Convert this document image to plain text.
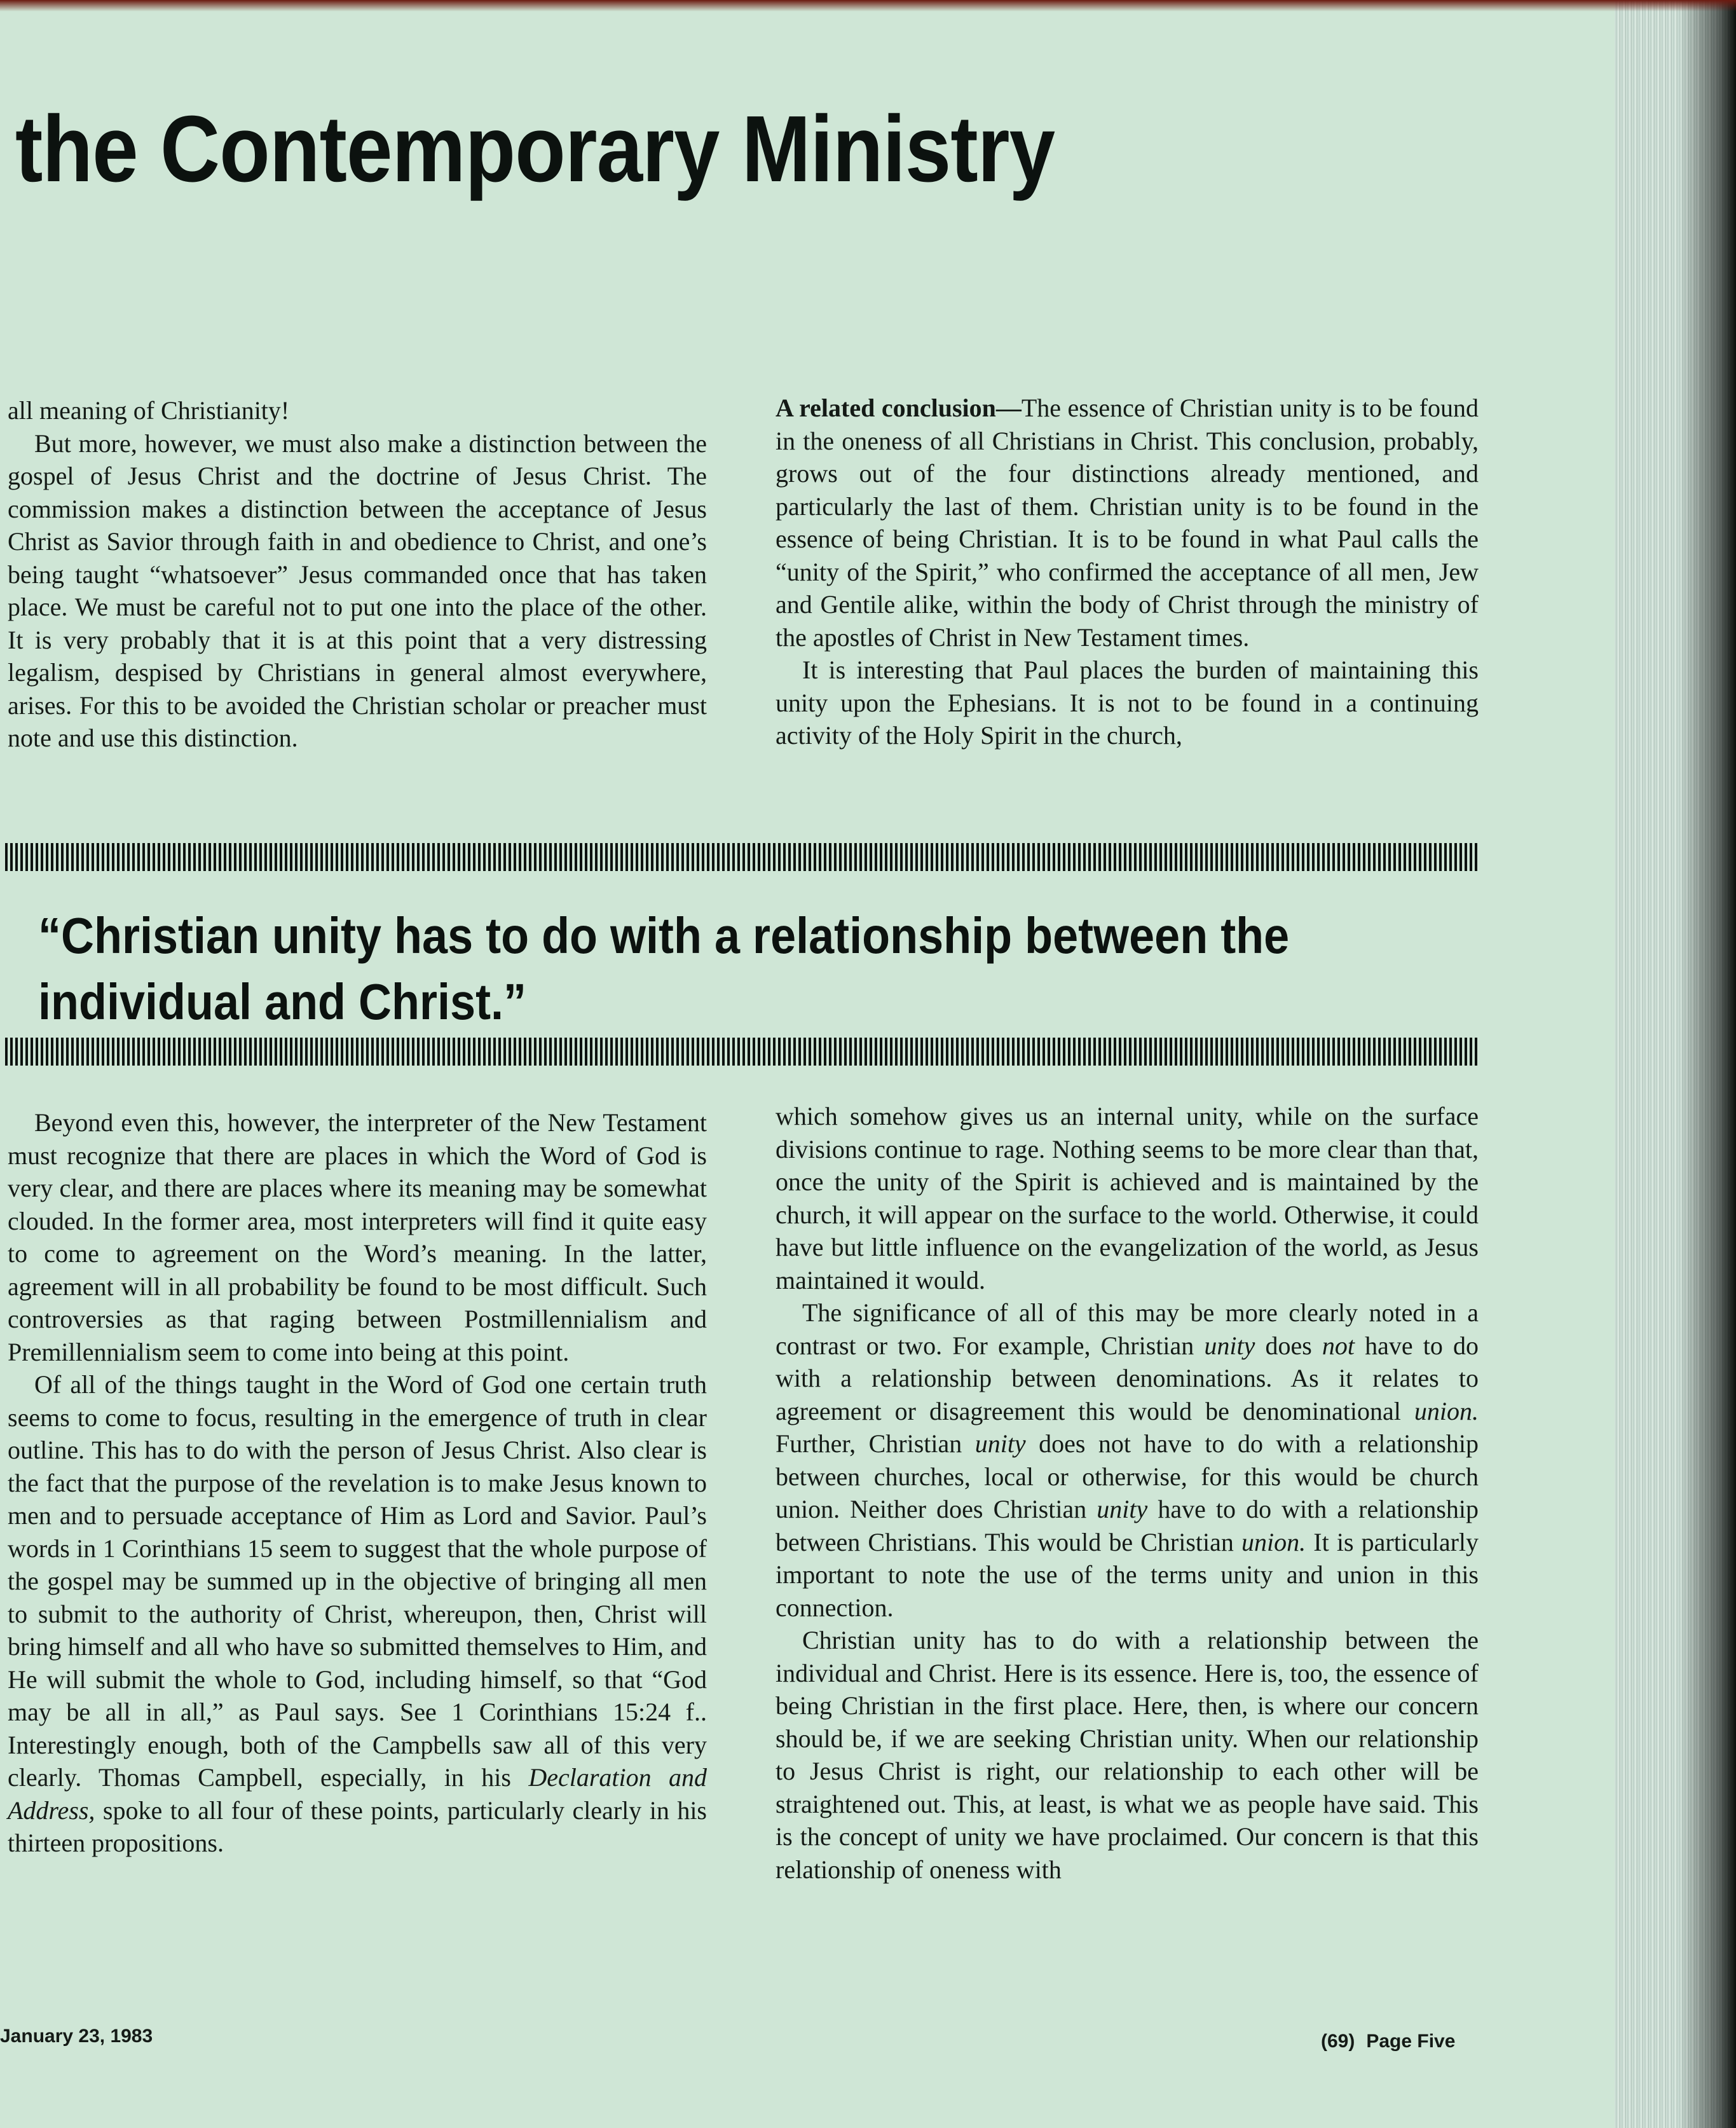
the Contemporary Ministry

all meaning of Christianity!

But more, however, we must also make a distinction between the gospel of Jesus Christ and the doctrine of Jesus Christ. The commission makes a distinction between the acceptance of Jesus Christ as Savior through faith in and obedience to Christ, and one’s being taught “whatsoever” Jesus commanded once that has taken place. We must be careful not to put one into the place of the other. It is very probably that it is at this point that a very distressing legalism, despised by Christians in general almost everywhere, arises. For this to be avoided the Christian scholar or preacher must note and use this distinction.

A related conclusion—The essence of Christian unity is to be found in the oneness of all Christians in Christ. This conclusion, probably, grows out of the four distinctions already mentioned, and particularly the last of them. Christian unity is to be found in the essence of being Christian. It is to be found in what Paul calls the “unity of the Spirit,” who confirmed the acceptance of all men, Jew and Gentile alike, within the body of Christ through the ministry of the apostles of Christ in New Testament times.

It is interesting that Paul places the burden of maintaining this unity upon the Ephesians. It is not to be found in a continuing activity of the Holy Spirit in the church,

“Christian unity has to do with a relationship between the individual and Christ.”

Beyond even this, however, the interpreter of the New Testament must recognize that there are places in which the Word of God is very clear, and there are places where its meaning may be somewhat clouded. In the former area, most interpreters will find it quite easy to come to agreement on the Word’s meaning. In the latter, agreement will in all probability be found to be most difficult. Such controversies as that raging between Postmillennialism and Premillennialism seem to come into being at this point.

Of all of the things taught in the Word of God one certain truth seems to come to focus, resulting in the emergence of truth in clear outline. This has to do with the person of Jesus Christ. Also clear is the fact that the purpose of the revelation is to make Jesus known to men and to persuade acceptance of Him as Lord and Savior. Paul’s words in 1 Corinthians 15 seem to suggest that the whole purpose of the gospel may be summed up in the objective of bringing all men to submit to the authority of Christ, whereupon, then, Christ will bring himself and all who have so submitted themselves to Him, and He will submit the whole to God, including himself, so that “God may be all in all,” as Paul says. See 1 Corinthians 15:24 f.. Interestingly enough, both of the Campbells saw all of this very clearly. Thomas Campbell, especially, in his Declaration and Address, spoke to all four of these points, particularly clearly in his thirteen propositions.

which somehow gives us an internal unity, while on the surface divisions continue to rage. Nothing seems to be more clear than that, once the unity of the Spirit is achieved and is maintained by the church, it will appear on the surface to the world. Otherwise, it could have but little influence on the evangelization of the world, as Jesus maintained it would.

The significance of all of this may be more clearly noted in a contrast or two. For example, Christian unity does not have to do with a relationship between denominations. As it relates to agreement or disagreement this would be denominational union. Further, Christian unity does not have to do with a relationship between churches, local or otherwise, for this would be church union. Neither does Christian unity have to do with a relationship between Christians. This would be Christian union. It is particularly important to note the use of the terms unity and union in this connection.

Christian unity has to do with a relationship between the individual and Christ. Here is its essence. Here is, too, the essence of being Christian in the first place. Here, then, is where our concern should be, if we are seeking Christian unity. When our relationship to Jesus Christ is right, our relationship to each other will be straightened out. This, at least, is what we as people have said. This is the concept of unity we have proclaimed. Our concern is that this relationship of oneness with

January 23, 1983	(69) Page Five
